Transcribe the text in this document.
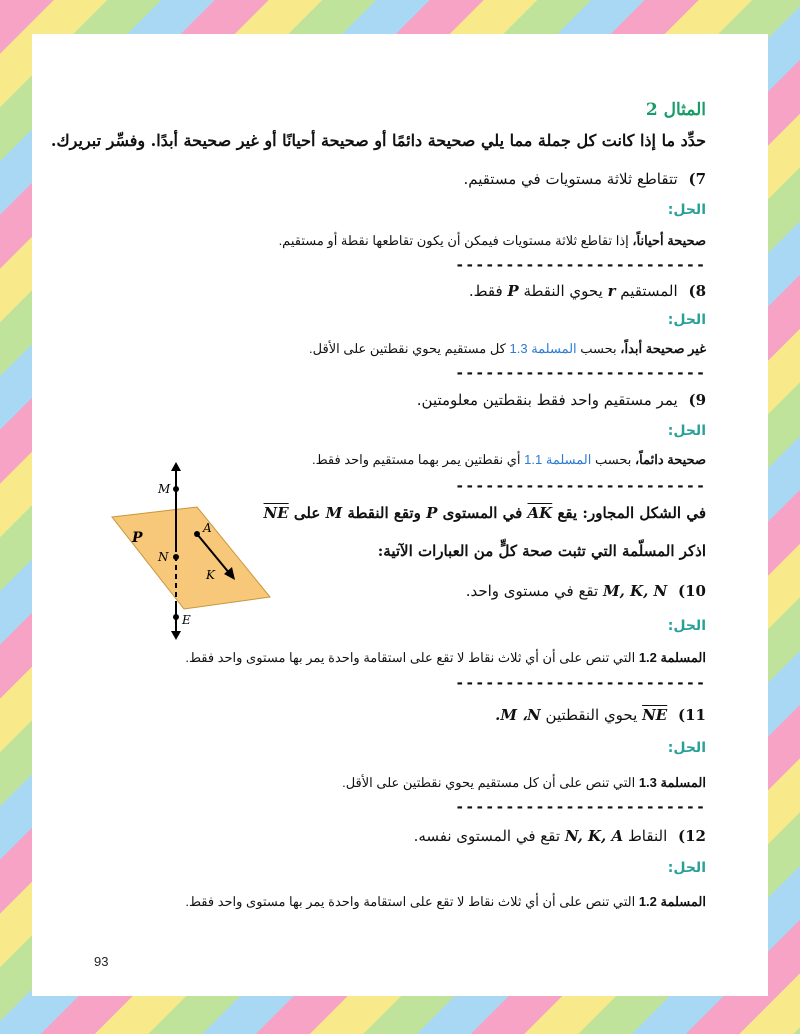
المثال 2
حدِّد ما إذا كانت كل جملة مما يلي صحيحة دائمًا أو صحيحة أحيانًا أو غير صحيحة أبدًا. وفسِّر تبريرك.
7) تتقاطع ثلاثة مستويات في مستقيم.
الحل:
صحيحة أحياناً، إذا تقاطع ثلاثة مستويات فيمكن أن يكون تقاطعها نقطة أو مستقيم.
-------------------------
8) المستقيم r يحوي النقطة P فقط.
الحل:
غير صحيحة أبداً، بحسب المسلمة 1.3 كل مستقيم يحوي نقطتين على الأقل.
-------------------------
9) يمر مستقيم واحد فقط بنقطتين معلومتين.
الحل:
صحيحة دائماً، بحسب المسلمة 1.1 أي نقطتين يمر بهما مستقيم واحد فقط.
-------------------------
في الشكل المجاور: يقع AK في المستوى P وتقع النقطة M على NE
اذكر المسلّمة التي تثبت صحة كلٍّ من العبارات الآتية:
10) M, K, N تقع في مستوى واحد.
الحل:
المسلمة 1.2 التي تنص على أن أي ثلاث نقاط لا تقع على استقامة واحدة يمر بها مستوى واحد فقط.
-------------------------
11) NE يحوي النقطتين M ،N.
الحل:
المسلمة 1.3 التي تنص على أن كل مستقيم يحوي نقطتين على الأقل.
-------------------------
12) النقاط N, K, A تقع في المستوى نفسه.
الحل:
المسلمة 1.2 التي تنص على أن أي ثلاث نقاط لا تقع على استقامة واحدة يمر بها مستوى واحد فقط.
93
M
N
A
K
E
P
